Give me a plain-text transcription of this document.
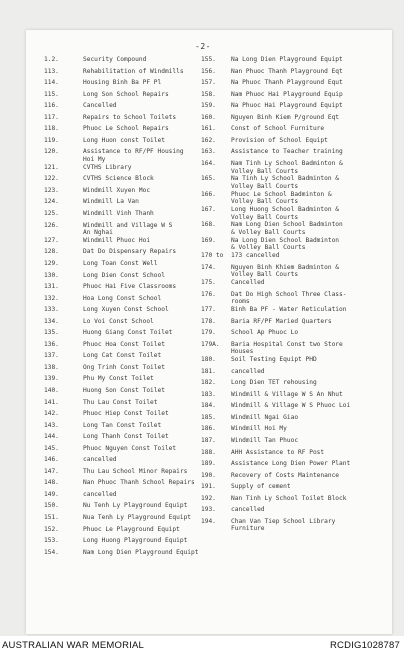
-2-
1.2.	Security Compound
113.	Rehabilitation of Windmills
114.	Housing Binh Ba PF Pl
115.	Long Son School Repairs
116.	Cancelled
117.	Repairs to School Toilets
118.	Phuoc Le School Repairs
119.	Long Huon const Toilet
120.	Assistance to RF/PF Housing
Hoi My
121.	CVTHS Library
122.	CVTHS Science Block
123.	Windmill Xuyen Moc
124.	Windmill La Van
125.	Windmill Vinh Thanh
126.	Windmill and Village W S
An Nghai
127.	Windmill Phuoc Hoi
128.	Dat Do Dispensary Repairs
129.	Long Toan Const Well
130.	Long Dien Const School
131.	Phuoc Hai Five Classrooms
132.	Hoa Long Const School
133.	Long Xuyen Const School
134.	Lo Voi Const School
135.	Huong Giang Const Toilet
136.	Phuoc Hoa Const Toilet
137.	Long Cat Const Toilet
138.	Ong Trinh Const Toilet
139.	Phu My Const Toilet
140.	Huong Son Const Toilet
141.	Thu Lau Const Toilet
142.	Phuoc Hiep Const Toilet
143.	Long Tan Const Toilet
144.	Long Thanh Const Toilet
145.	Phuoc Nguyen Const Toilet
146.	cancelled
147.	Thu Lau School Minor Repairs
148.	Nan Phuoc Thanh School Repairs
149.	cancelled
150.	Nu Tenh Ly Playground Equipt
151.	Nua Tenh Ly Playground Equipt
152.	Phuoc Le Playground Equipt
153.	Long Huong Playground Equipt
154.	Nam Long Dien Playground Equipt
155.	Na Long Dien Playground Equipt
156.	Nan Phuoc Thanh Playground Eqt
157.	Na Phuoc Thanh Playground Equt
158.	Nam Phuoc Hai Playground Equip
159.	Na Phuoc Hai Playground Equipt
160.	Nguyen Binh Kiem P/ground Eqt
161.	Const of School Furniture
162.	Provision of School Equipt
163.	Assistance to Teacher training
164.	Nam Tinh Ly School Badminton &
Volley Ball Courts
165.	Na Tinh Ly School Badminton &
Volley Ball Courts
166.	Phuoc Le School Badminton &
Volley Ball Courts
167.	Long Huong School Badminton &
Volley Ball Courts
168.	Nam Long Dien School Badminton
& Volley Ball Courts
169.	Na Long Dien School Badminton
& Volley Ball Courts
170 to	173 cancelled
174.	Nguyen Binh Khiem Badminton &
Volley Ball Courts
175.	Cancelled
176.	Dat Do High School Three Class-
rooms
177.	Binh Ba PF - Water Reticulation
178.	Baria RF/PF Maried Quarters
179.	School Ap Phuoc Lo
179A.	Baria Hospital Const two Store
Houses
180.	Soil Testing Equipt PHD
181.	cancelled
182.	Long Dien TET rehousing
183.	Windmill & Village W S An Nhut
184.	Windmill & Village W S Phuoc Loi
185.	Windmill Ngai Giao
186.	Windmill Hoi My
187.	Windmill Tan Phuoc
188.	AHH Assistance to RF Post
189.	Assistance Long Dien Power Plant
190.	Recovery of Costs Maintenance
191.	Supply of cement
192.	Nan Tinh Ly School Toilet Block
193.	cancelled
194.	Chan Van Tiep School Library
Furniture
AUSTRALIAN WAR MEMORIAL	RCDIG1028787
